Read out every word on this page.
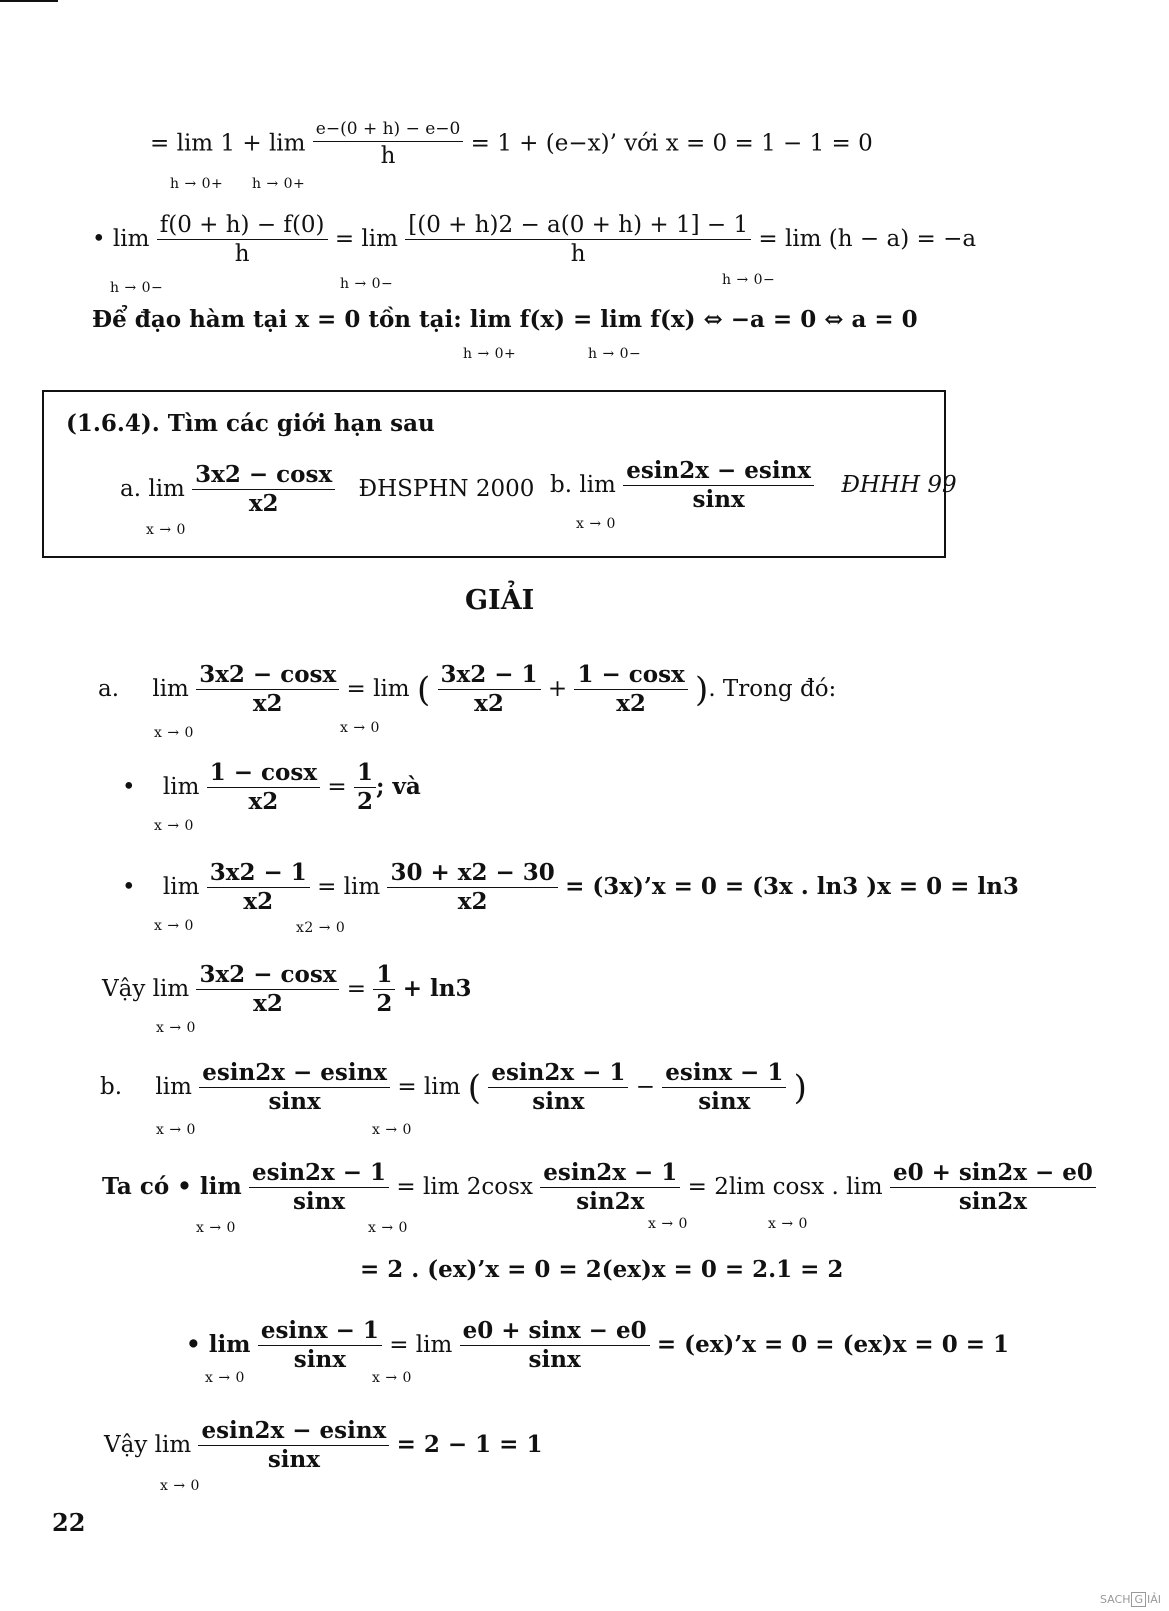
= $\lim 1 + \lim \frac{e-(0 + h) - e-0}{h} = 1 + (e-x)$’ với x = 0 = 1 − 1 = 0
h → 0+ h → 0+
• $\lim \frac{f(0 + h) - f(0)}{h} = \lim \frac{[(0 + h)2 - a(0 + h) + 1] - 1}{h} = \lim (h - a) = -a$
h → 0−	h → 0−	h → 0−
Để đạo hàm tại x = 0 tồn tại: lim f(x) = lim f(x) ⇔ −a = 0 ⇔ a = 0
h → 0+	h → 0−
(1.6.4). Tìm các giới hạn sau
a. $\lim \frac{3x2 - \cos x}{x2}$ ĐHSPHN 2000
x → 0
b. $\lim \frac{esin2x - esinx}{\sin x}$ ĐHHH 99
x → 0
GIẢI
a. $\lim \frac{3x2 - \cos x}{x2} = \lim$ ( $\frac{3x2 - 1}{x2} + \frac{1 - \cos x}{x2}$ ). Trong đó:
x → 0	x → 0
• $\lim \frac{1 - \cos x}{x2} = \frac{1}{2}$ ; và
x → 0
• $\lim \frac{3x2 - 1}{x2} = \lim \frac{30 + x2 - 30}{x2}$ = (3x)’x = 0 = (3x . ln3 )x = 0 = ln3
x → 0	x2 → 0
Vậy $\lim \frac{3x2 - \cos x}{x2} = \frac{1}{2} + \ln 3$
x → 0
b. $\lim \frac{esin2x - esinx}{\sin x} = \lim$ ( $\frac{esin2x - 1}{\sin x} - \frac{esinx - 1}{\sin x}$ )
x → 0	x → 0
Ta có • $\lim \frac{esin2x - 1}{\sin x} = \lim 2\cos x \frac{esin2x - 1}{\sin 2x} = 2\lim$ cosx . $\lim \frac{e0 + \sin 2x - e0}{\sin 2x}$
x → 0	x → 0	x → 0	x → 0
= 2 . (ex)’x = 0 = 2(ex)x = 0 = 2.1 = 2
• $\lim \frac{esinx - 1}{\sin x} = \lim \frac{e0 + \sin x - e0}{\sin x}$ = (ex)’x = 0 = (ex)x = 0 = 1
x → 0	x → 0
Vậy $\lim \frac{esin2x - esinx}{\sin x} = 2 - 1 = 1$
x → 0
22
SACH G IẢI
